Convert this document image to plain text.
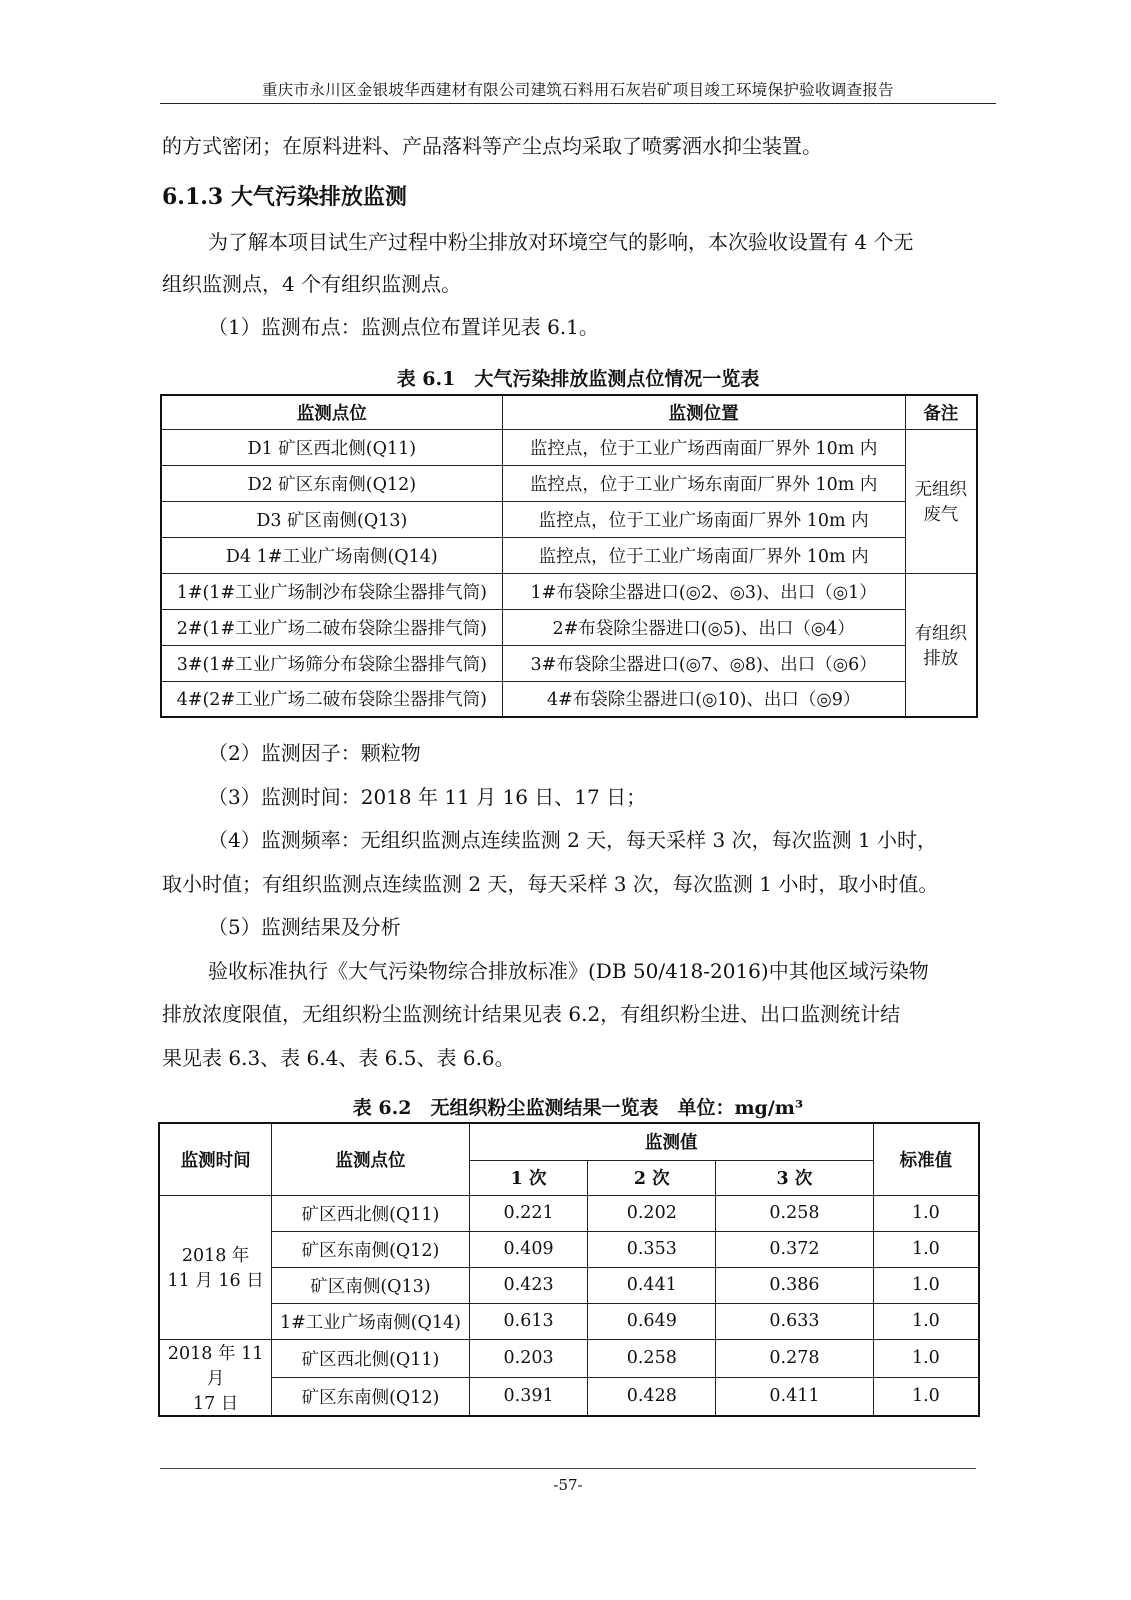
重庆市永川区金银坡华西建材有限公司建筑石料用石灰岩矿项目竣工环境保护验收调查报告
的方式密闭；在原料进料、产品落料等产尘点均采取了喷雾洒水抑尘装置。
6.1.3 大气污染排放监测
为了解本项目试生产过程中粉尘排放对环境空气的影响，本次验收设置有 4 个无
组织监测点，4 个有组织监测点。
（1）监测布点：监测点位布置详见表 6.1。
表 6.1　大气污染排放监测点位情况一览表
监测点位	监测位置	备注
D1 矿区西北侧(Q11)	监控点，位于工业广场西南面厂界外 10m 内	无组织
废气
D2 矿区东南侧(Q12)	监控点，位于工业广场东南面厂界外 10m 内	
D3 矿区南侧(Q13)	监控点，位于工业广场南面厂界外 10m 内	
D4 1#工业广场南侧(Q14)	监控点，位于工业广场南面厂界外 10m 内	
1#(1#工业广场制沙布袋除尘器排气筒)	1#布袋除尘器进口(◎2、◎3)、出口（◎1）	有组织
排放
2#(1#工业广场二破布袋除尘器排气筒)	2#布袋除尘器进口(◎5)、出口（◎4）	
3#(1#工业广场筛分布袋除尘器排气筒)	3#布袋除尘器进口(◎7、◎8)、出口（◎6）	
4#(2#工业广场二破布袋除尘器排气筒)	4#布袋除尘器进口(◎10)、出口（◎9）	
（2）监测因子：颗粒物
（3）监测时间：2018 年 11 月 16 日、17 日；
（4）监测频率：无组织监测点连续监测 2 天，每天采样 3 次，每次监测 1 小时，
取小时值；有组织监测点连续监测 2 天，每天采样 3 次，每次监测 1 小时，取小时值。
（5）监测结果及分析
验收标准执行《大气污染物综合排放标准》(DB 50/418-2016)中其他区域污染物
排放浓度限值，无组织粉尘监测统计结果见表 6.2，有组织粉尘进、出口监测统计结
果见表 6.3、表 6.4、表 6.5、表 6.6。
表 6.2　无组织粉尘监测结果一览表　单位：mg/m³
监测时间	监测点位	监测值			标准值
		1 次	2 次	3 次	
2018 年
11 月 16 日	矿区西北侧(Q11)	0.221	0.202	0.258	1.0
	矿区东南侧(Q12)	0.409	0.353	0.372	1.0
	矿区南侧(Q13)	0.423	0.441	0.386	1.0
	1#工业广场南侧(Q14)	0.613	0.649	0.633	1.0
2018 年 11 月
17 日	矿区西北侧(Q11)	0.203	0.258	0.278	1.0
	矿区东南侧(Q12)	0.391	0.428	0.411	1.0
-57-
